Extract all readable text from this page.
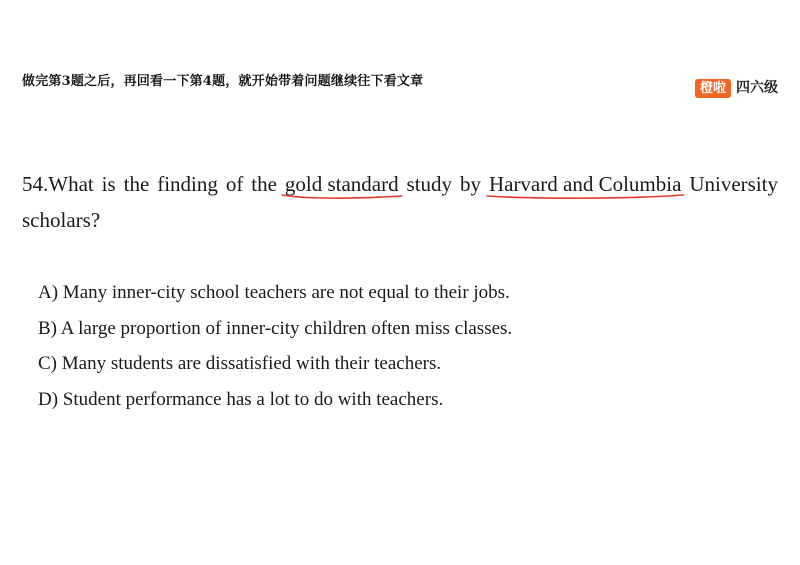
做完第3题之后，再回看一下第4题，就开始带着问题继续往下看文章	橙啦 四六级
54.What is the finding of the gold standard
study by Harvard and Columbia
University scholars?
A) Many inner-city school teachers are not equal to their jobs.
B) A large proportion of inner-city children often miss classes.
C) Many students are dissatisfied with their teachers.
D) Student performance has a lot to do with teachers.
